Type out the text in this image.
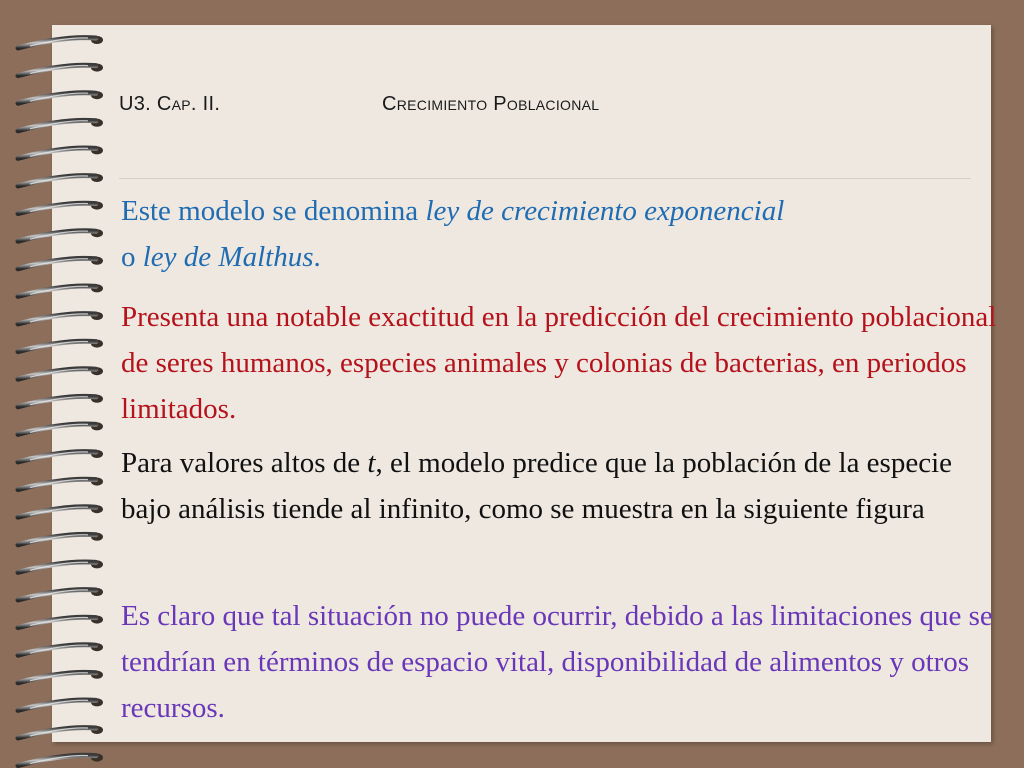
U3. Cap. II.	Crecimiento Poblacional

Este modelo se denomina ley de crecimiento exponencial
o ley de Malthus.

Presenta una notable exactitud en la predicción del crecimiento poblacional de seres humanos, especies animales y colonias de bacterias, en periodos limitados.

Para valores altos de t, el modelo predice que la población de la especie bajo análisis tiende al infinito, como se muestra en la siguiente figura

Es claro que tal situación no puede ocurrir, debido a las limitaciones que se tendrían en términos de espacio vital, disponibilidad de alimentos y otros recursos.
